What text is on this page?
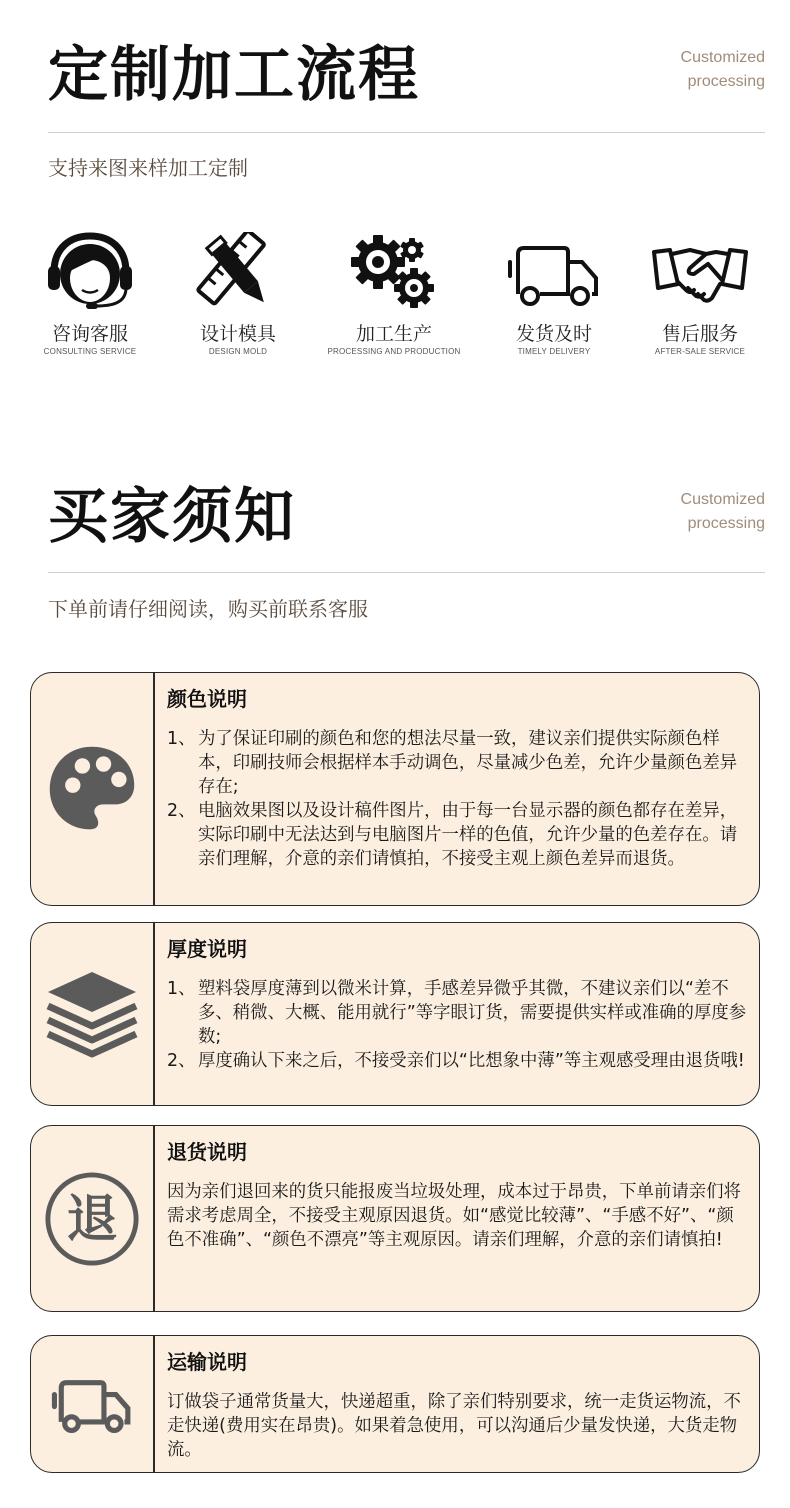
定制加工流程	Customized
processing
支持来图来样加工定制
咨询客服
CONSULTING SERVICE
设计模具
DESIGN MOLD
加工生产
PROCESSING AND PRODUCTION
发货及时
TIMELY DELIVERY
售后服务
AFTER-SALE SERVICE
买家须知	Customized
processing
下单前请仔细阅读，购买前联系客服
颜色说明
1、 为了保证印刷的颜色和您的想法尽量一致，建议亲们提供实际颜色样本，印刷技师会根据样本手动调色，尽量减少色差，允许少量颜色差异存在;
2、 电脑效果图以及设计稿件图片，由于每一台显示器的颜色都存在差异，实际印刷中无法达到与电脑图片一样的色值，允许少量的色差存在。请亲们理解，介意的亲们请慎拍，不接受主观上颜色差异而退货。
厚度说明
1、 塑料袋厚度薄到以微米计算，手感差异微乎其微，不建议亲们以“差不多、稍微、大概、能用就行”等字眼订货，需要提供实样或准确的厚度参数;
2、 厚度确认下来之后，不接受亲们以“比想象中薄”等主观感受理由退货哦!
退
退货说明

因为亲们退回来的货只能报废当垃圾处理，成本过于昂贵，下单前请亲们将需求考虑周全，不接受主观原因退货。如“感觉比较薄”、“手感不好”、“颜色不准确”、“颜色不漂亮”等主观原因。请亲们理解，介意的亲们请慎拍!

运输说明

订做袋子通常货量大，快递超重，除了亲们特别要求，统一走货运物流，不走快递(费用实在昂贵)。如果着急使用，可以沟通后少量发快递，大货走物流。
